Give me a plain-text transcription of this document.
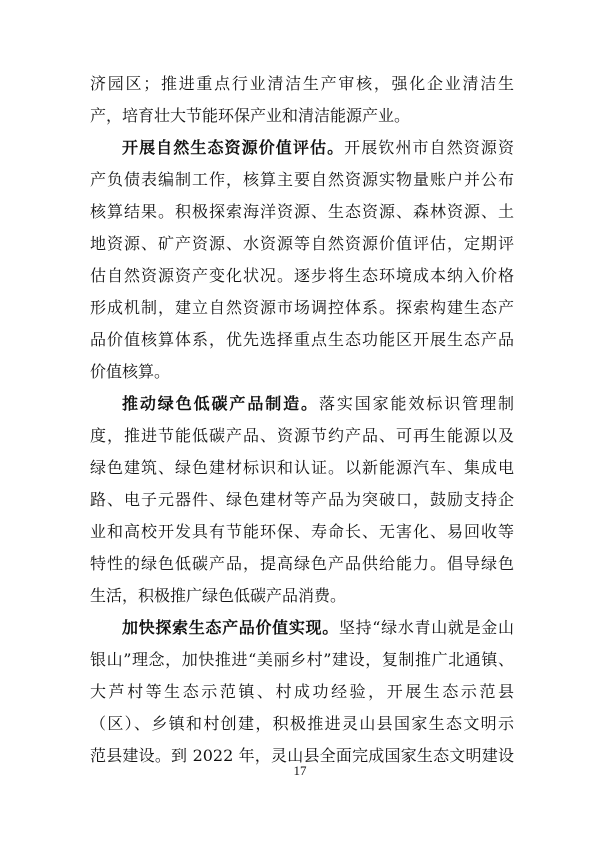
济园区；推进重点行业清洁生产审核，强化企业清洁生
产，培育壮大节能环保产业和清洁能源产业。
开展自然生态资源价值评估。开展钦州市自然资源资
产负债表编制工作，核算主要自然资源实物量账户并公布
核算结果。积极探索海洋资源、生态资源、森林资源、土
地资源、矿产资源、水资源等自然资源价值评估，定期评
估自然资源资产变化状况。逐步将生态环境成本纳入价格
形成机制，建立自然资源市场调控体系。探索构建生态产
品价值核算体系，优先选择重点生态功能区开展生态产品
价值核算。
推动绿色低碳产品制造。落实国家能效标识管理制
度，推进节能低碳产品、资源节约产品、可再生能源以及
绿色建筑、绿色建材标识和认证。以新能源汽车、集成电
路、电子元器件、绿色建材等产品为突破口，鼓励支持企
业和高校开发具有节能环保、寿命长、无害化、易回收等
特性的绿色低碳产品，提高绿色产品供给能力。倡导绿色
生活，积极推广绿色低碳产品消费。
加快探索生态产品价值实现。坚持“绿水青山就是金山
银山”理念，加快推进“美丽乡村”建设，复制推广北通镇、
大芦村等生态示范镇、村成功经验，开展生态示范县
（区）、乡镇和村创建，积极推进灵山县国家生态文明示
范县建设。到 2022 年，灵山县全面完成国家生态文明建设
17
